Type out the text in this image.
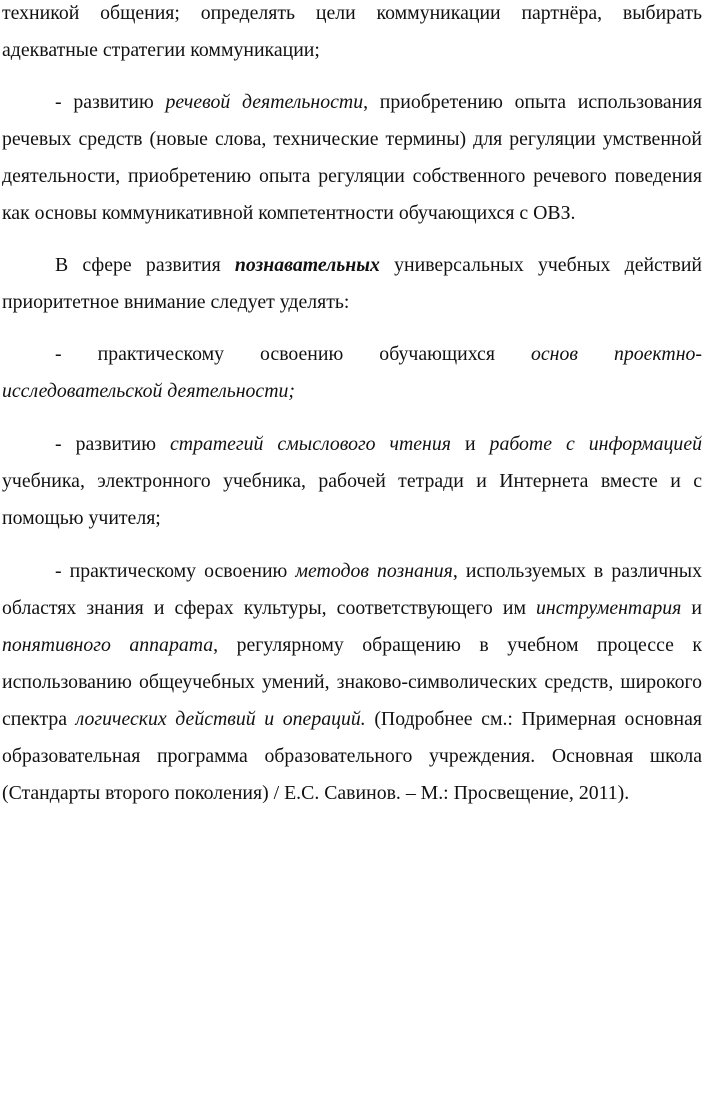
техникой общения; определять цели коммуникации партнёра, выбирать адекватные стратегии коммуникации;

- развитию речевой деятельности, приобретению опыта использования речевых средств (новые слова, технические термины) для регуляции умственной деятельности, приобретению опыта регуляции собственного речевого поведения как основы коммуникативной компетентности обучающихся с ОВЗ.

В сфере развития познавательных универсальных учебных действий приоритетное внимание следует уделять:

- практическому освоению обучающихся основ проектно-исследовательской деятельности;

- развитию стратегий смыслового чтения и работе с информацией учебника, электронного учебника, рабочей тетради и Интернета вместе и с помощью учителя;

- практическому освоению методов познания, используемых в различных областях знания и сферах культуры, соответствующего им инструментария и понятивного аппарата, регулярному обращению в учебном процессе к использованию общеучебных умений, знаково-символических средств, широкого спектра логических действий и операций. (Подробнее см.: Примерная основная образовательная программа образовательного учреждения. Основная школа (Стандарты второго поколения) / Е.С. Савинов. – М.: Просвещение, 2011).
